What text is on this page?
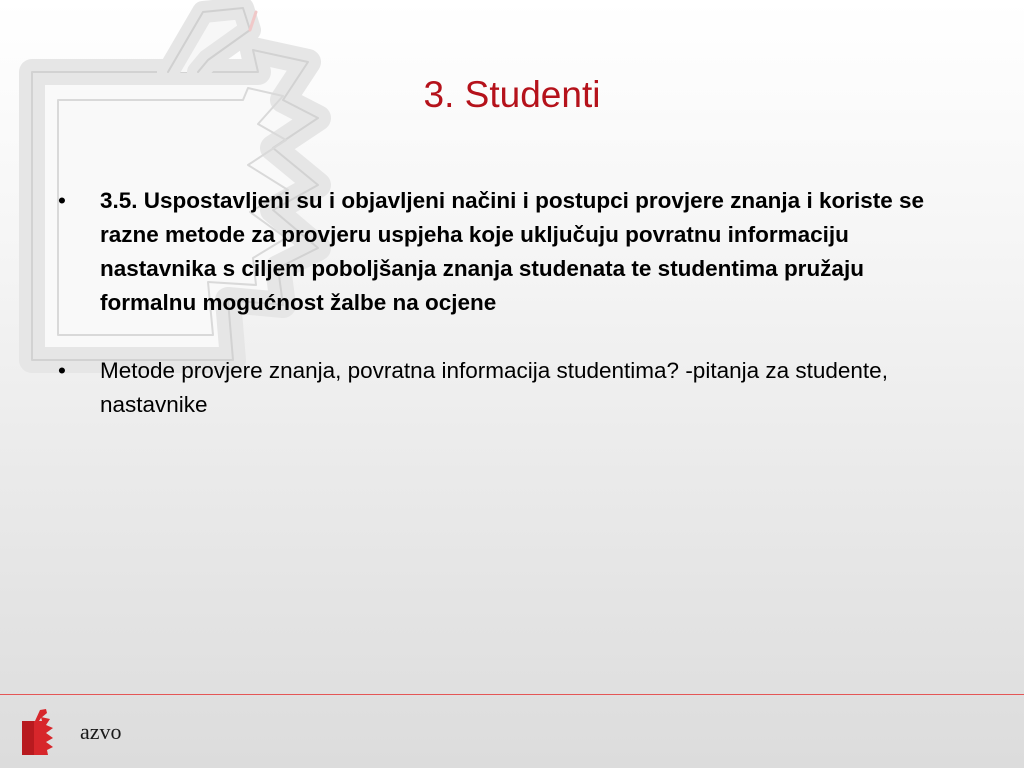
3. Studenti
•	3.5. Uspostavljeni su i objavljeni načini i postupci provjere znanja i koriste se razne metode za provjeru uspjeha koje uključuju povratnu informaciju nastavnika s ciljem poboljšanja znanja studenata te studentima pružaju formalnu mogućnost žalbe na ocjene
•	Metode provjere znanja, povratna informacija studentima? -pitanja za studente, nastavnike
azvo
